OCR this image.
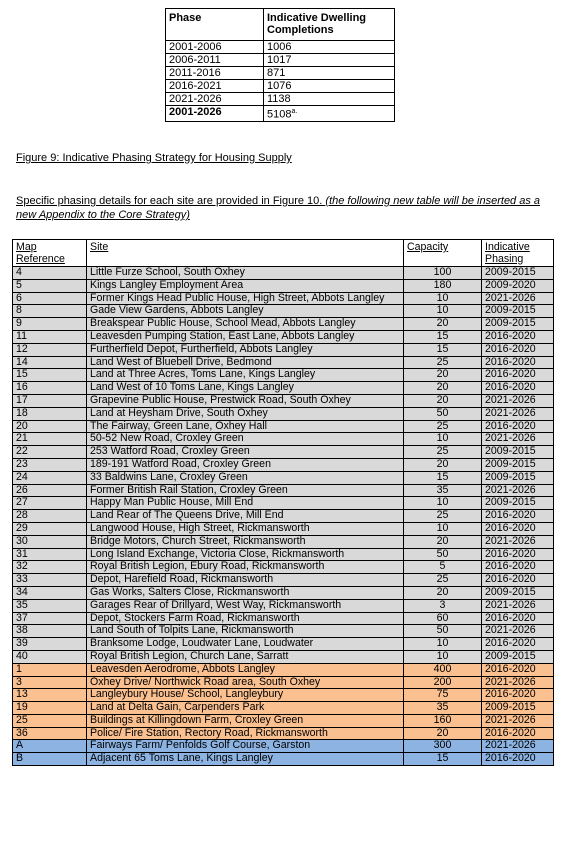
Phase	Indicative Dwelling Completions
2001-2006	1006
2006-2011	1017
2011-2016	871
2016-2021	1076
2021-2026	1138
2001-2026	$5108^{a.}$
Figure 9: Indicative Phasing Strategy for Housing Supply
Specific phasing details for each site are provided in Figure 10. (the following new table will be inserted as a new Appendix to the Core Strategy)
Map Reference	Site	Capacity	Indicative Phasing
4	Little Furze School, South Oxhey	100	2009-2015
5	Kings Langley Employment Area	180	2009-2020
6	Former Kings Head Public House, High Street, Abbots Langley	10	2021-2026
8	Gade View Gardens, Abbots Langley	10	2009-2015
9	Breakspear Public House, School Mead, Abbots Langley	20	2009-2015
11	Leavesden Pumping Station, East Lane, Abbots Langley	15	2016-2020
12	Furtherfield Depot, Furtherfield, Abbots Langley	15	2016-2020
14	Land West of Bluebell Drive, Bedmond	25	2016-2020
15	Land at Three Acres, Toms Lane, Kings Langley	20	2016-2020
16	Land West of 10 Toms Lane, Kings Langley	20	2016-2020
17	Grapevine Public House, Prestwick Road, South Oxhey	20	2021-2026
18	Land at Heysham Drive, South Oxhey	50	2021-2026
20	The Fairway, Green Lane, Oxhey Hall	25	2016-2020
21	50-52 New Road, Croxley Green	10	2021-2026
22	253 Watford Road, Croxley Green	25	2009-2015
23	189-191 Watford Road, Croxley Green	20	2009-2015
24	33 Baldwins Lane, Croxley Green	15	2009-2015
26	Former British Rail Station, Croxley Green	35	2021-2026
27	Happy Man Public House, Mill End	10	2009-2015
28	Land Rear of The Queens Drive, Mill End	25	2016-2020
29	Langwood House, High Street, Rickmansworth	10	2016-2020
30	Bridge Motors, Church Street, Rickmansworth	20	2021-2026
31	Long Island Exchange, Victoria Close, Rickmansworth	50	2016-2020
32	Royal British Legion, Ebury Road, Rickmansworth	5	2016-2020
33	Depot, Harefield Road, Rickmansworth	25	2016-2020
34	Gas Works, Salters Close, Rickmansworth	20	2009-2015
35	Garages Rear of Drillyard, West Way, Rickmansworth	3	2021-2026
37	Depot, Stockers Farm Road, Rickmansworth	60	2016-2020
38	Land South of Tolpits Lane, Rickmansworth	50	2021-2026
39	Branksome Lodge, Loudwater Lane, Loudwater	10	2016-2020
40	Royal British Legion, Church Lane, Sarratt	10	2009-2015
1	Leavesden Aerodrome, Abbots Langley	400	2016-2020
3	Oxhey Drive/ Northwick Road area, South Oxhey	200	2021-2026
13	Langleybury House/ School, Langleybury	75	2016-2020
19	Land at Delta Gain, Carpenders Park	35	2009-2015
25	Buildings at Killingdown Farm, Croxley Green	160	2021-2026
36	Police/ Fire Station, Rectory Road, Rickmansworth	20	2016-2020
A	Fairways Farm/ Penfolds Golf Course, Garston	300	2021-2026
B	Adjacent 65 Toms Lane, Kings Langley	15	2016-2020
